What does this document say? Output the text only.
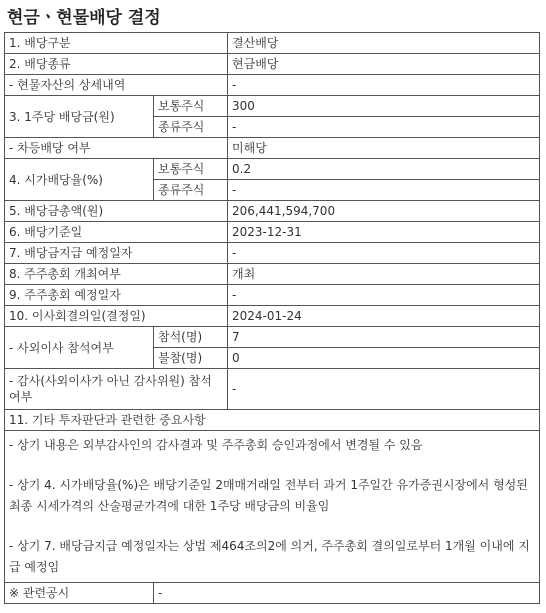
현금ㆍ현물배당 결정
1. 배당구분		결산배당
2. 배당종류		현금배당
- 현물자산의 상세내역		-
3. 1주당 배당금(원)	보통주식	300
	종류주식	-
- 차등배당 여부		미해당
4. 시가배당율(%)	보통주식	0.2
	종류주식	-
5. 배당금총액(원)		206,441,594,700
6. 배당기준일		2023-12-31
7. 배당금지급 예정일자		-
8. 주주총회 개최여부		개최
9. 주주총회 예정일자		-
10. 이사회결의일(결정일)		2024-01-24
- 사외이사 참석여부	참석(명)	7
	불참(명)	0
- 감사(사외이사가 아닌 감사위원) 참석여부		-
11. 기타 투자판단과 관련한 중요사항		

- 상기 내용은 외부감사인의 감사결과 및 주주총회 승인과정에서 변경될 수 있음

- 상기 4. 시가배당율(%)은 배당기준일 2매매거래일 전부터 과거 1주일간 유가증권시장에서 형성된 최종 시세가격의 산술평균가격에 대한 1주당 배당금의 비율임

- 상기 7. 배당금지급 예정일자는 상법 제464조의2에 의거, 주주총회 결의일로부터 1개월 이내에 지급 예정임		

※ 관련공시	-	
